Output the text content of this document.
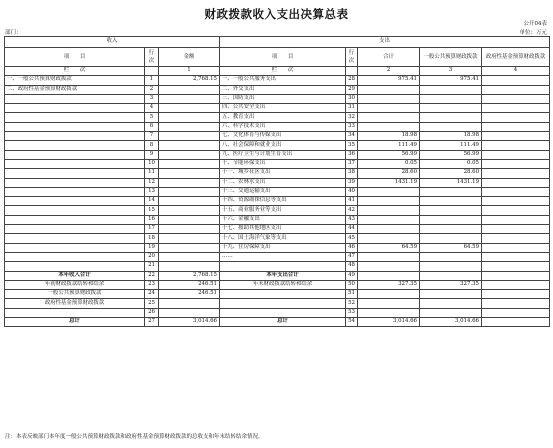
财政拨款收入支出决算总表
公开04表
部门：	单位：万元
收入			支出				
项　　目	行次	金额	项　　目	行次	合计	一般公共预算财政拨款	政府性基金预算财政拨款
栏　　次		1	栏　　次		2	3	4
一、一般公共预算财政拨款	1	2,768.15	一、一般公共服务支出	28	975.41	975.41	
二、政府性基金预算财政拨款	2		二、外交支出	29			
	3		三、国防支出	30			
	4		四、公共安全支出	31			
	5		五、教育支出	32			
	6		六、科学技术支出	33			
	7		七、文化体育与传媒支出	34	18.98	18.98	
	8		八、社会保障和就业支出	35	111.49	111.49	
	9		九、医疗卫生与计划生育支出	36	56.99	56.99	
	10		十、节能环保支出	37	0.05	0.05	
	11		十一、城乡社区支出	38	28.60	28.60	
	12		十二、农林水支出	39	1431.19	1431.19	
	13		十三、交通运输支出	40			
	14		十四、资源勘探信息等支出	41			
	15		十五、商业服务业等支出	42			
	16		十六、金融支出	43			
	17		十七、援助其他地区支出	44			
	18		十八、国土海洋气象等支出	45			
	19		十九、住房保障支出	46	64.59	64.59	
	20		……	47			
	21			48			
本年收入合计	22	2,768.15	本年支出合计	49			
年初财政拨款结转和结余	23	246.51	年末财政拨款结转和结余	50	327.35	327.35	
一般公共预算财政拨款	24	246.51		51			
政府性基金预算财政拨款	25			52			
	26			53			
总计	27	3,014.66	总计	54	3,014.66	3,014.66	
注：本表反映部门本年度一般公共预算财政拨款和政府性基金预算财政拨款的总收支和年末结转结余情况。
